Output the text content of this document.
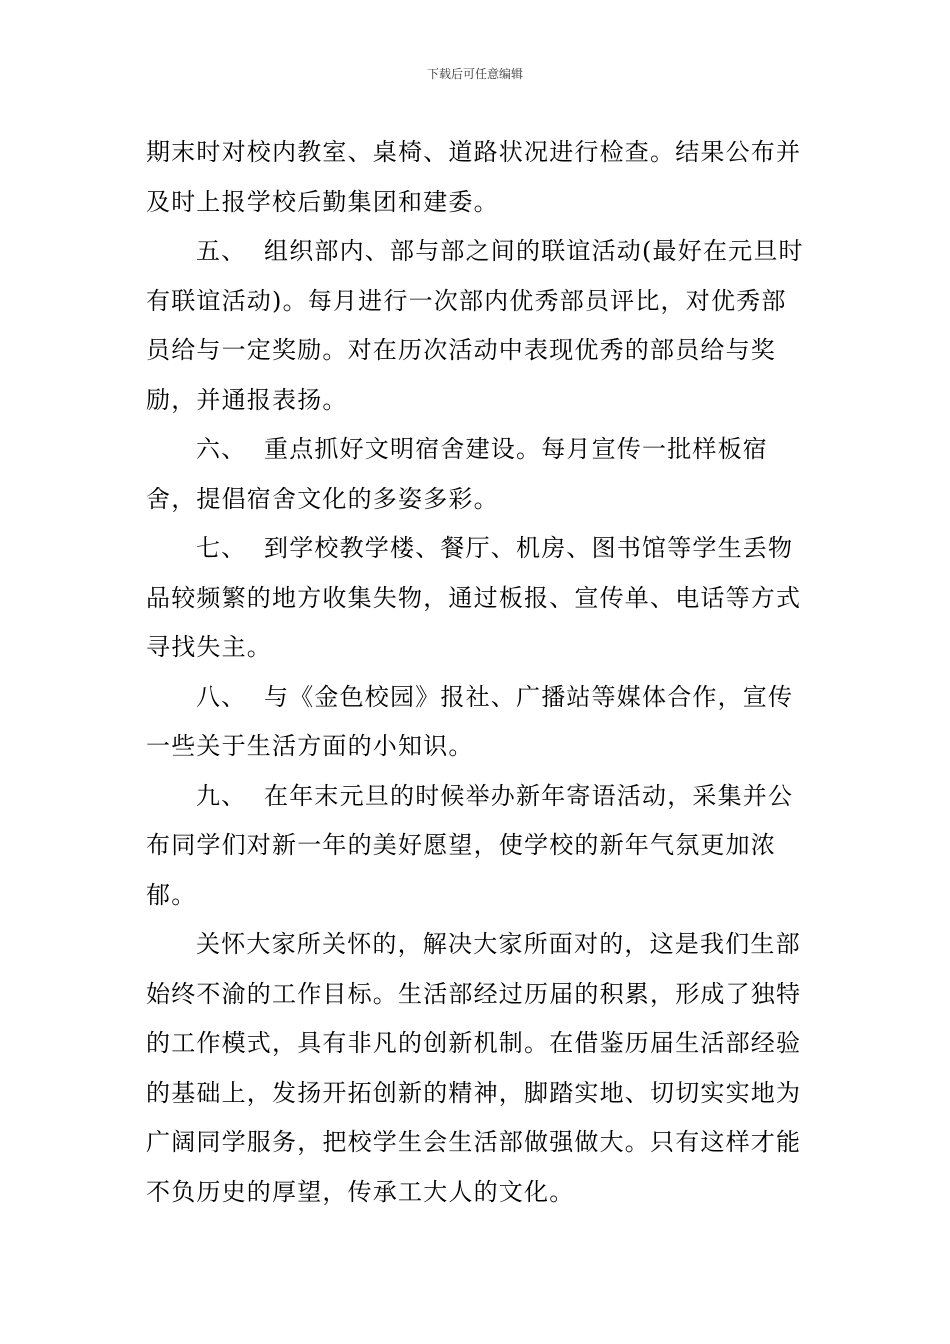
下载后可任意编辑

期末时对校内教室、桌椅、道路状况进行检查。结果公布并及时上报学校后勤集团和建委。

五、 组织部内、部与部之间的联谊活动(最好在元旦时有联谊活动)。每月进行一次部内优秀部员评比，对优秀部员给与一定奖励。对在历次活动中表现优秀的部员给与奖励，并通报表扬。

六、 重点抓好文明宿舍建设。每月宣传一批样板宿舍，提倡宿舍文化的多姿多彩。

七、 到学校教学楼、餐厅、机房、图书馆等学生丢物品较频繁的地方收集失物，通过板报、宣传单、电话等方式寻找失主。

八、 与《金色校园》报社、广播站等媒体合作，宣传一些关于生活方面的小知识。

九、 在年末元旦的时候举办新年寄语活动，采集并公布同学们对新一年的美好愿望，使学校的新年气氛更加浓郁。

关怀大家所关怀的，解决大家所面对的，这是我们生部始终不渝的工作目标。生活部经过历届的积累，形成了独特的工作模式，具有非凡的创新机制。在借鉴历届生活部经验的基础上，发扬开拓创新的精神，脚踏实地、切切实实地为广阔同学服务，把校学生会生活部做强做大。只有这样才能不负历史的厚望，传承工大人的文化。
